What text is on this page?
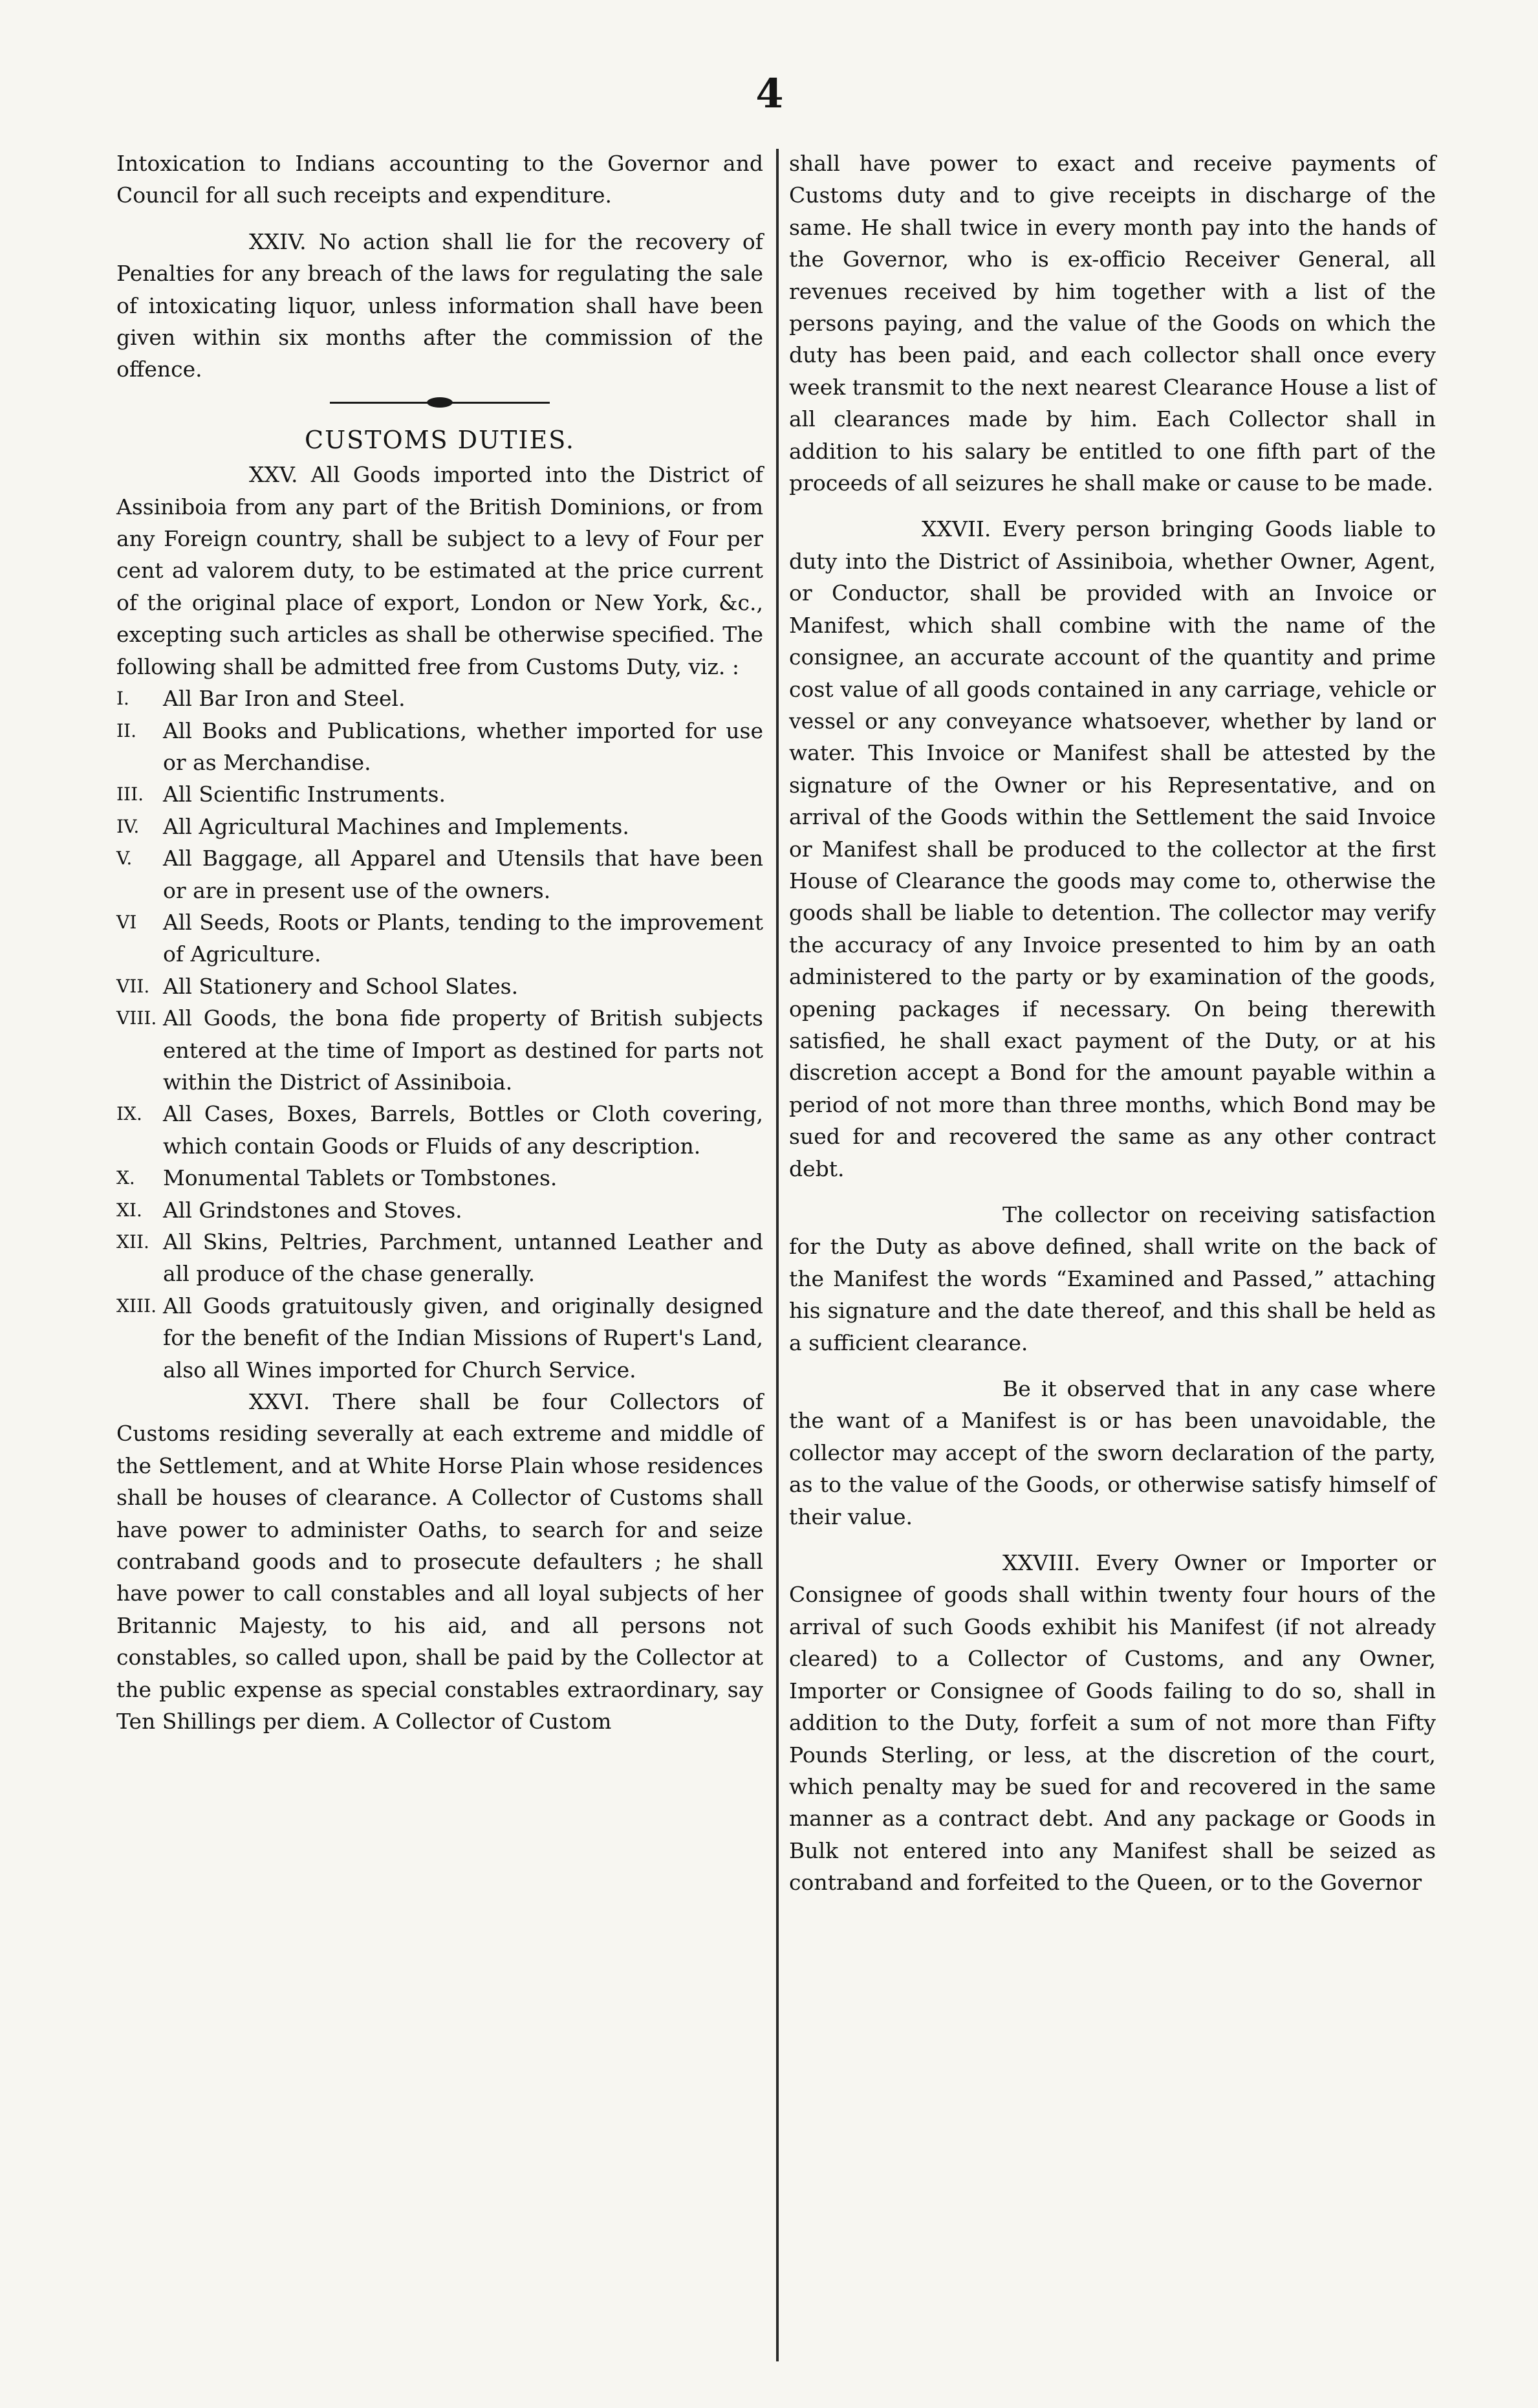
4

Intoxication to Indians accounting to the Governor and Council for all such receipts and expenditure.

XXIV. No action shall lie for the recovery of Penalties for any breach of the laws for regulating the sale of intoxicating liquor, unless information shall have been given within six months after the commission of the offence.

CUSTOMS DUTIES.

XXV. All Goods imported into the District of Assiniboia from any part of the British Dominions, or from any Foreign country, shall be subject to a levy of Four per cent ad valorem duty, to be estimated at the price current of the original place of export, London or New York, &c., excepting such articles as shall be otherwise specified. The following shall be admitted free from Customs Duty, viz. :

I.	All Bar Iron and Steel.
II.	All Books and Publications, whether imported for use or as Merchandise.
III. All Scientific Instruments.
IV.	All Agricultural Machines and Implements.
V.	All Baggage, all Apparel and Utensils that have been or are in present use of the owners.
VI	All Seeds, Roots or Plants, tending to the improvement of Agriculture.
VII. All Stationery and School Slates.
VIII. All Goods, the bona fide property of British subjects entered at the time of Import as destined for parts not within the District of Assiniboia.
IX. All Cases, Boxes, Barrels, Bottles or Cloth covering, which contain Goods or Fluids of any description.
X.	Monumental Tablets or Tombstones.
XI. All Grindstones and Stoves.
XII. All Skins, Peltries, Parchment, untanned Leather and all produce of the chase generally.
XIII. All Goods gratuitously given, and originally designed for the benefit of the Indian Missions of Rupert's Land, also all Wines imported for Church Service.

XXVI. There shall be four Collectors of Customs residing severally at each extreme and middle of the Settlement, and at White Horse Plain whose residences shall be houses of clearance. A Collector of Customs shall have power to administer Oaths, to search for and seize contraband goods and to prosecute defaulters ; he shall have power to call constables and all loyal subjects of her Britannic Majesty, to his aid, and all persons not constables, so called upon, shall be paid by the Collector at the public expense as special constables extraordinary, say Ten Shillings per diem. A Collector of Custom

shall have power to exact and receive payments of Customs duty and to give receipts in discharge of the same. He shall twice in every month pay into the hands of the Governor, who is ex-officio Receiver General, all revenues received by him together with a list of the persons paying, and the value of the Goods on which the duty has been paid, and each collector shall once every week transmit to the next nearest Clearance House a list of all clearances made by him. Each Collector shall in addition to his salary be entitled to one fifth part of the proceeds of all seizures he shall make or cause to be made.

XXVII. Every person bringing Goods liable to duty into the District of Assiniboia, whether Owner, Agent, or Conductor, shall be provided with an Invoice or Manifest, which shall combine with the name of the consignee, an accurate account of the quantity and prime cost value of all goods contained in any carriage, vehicle or vessel or any conveyance whatsoever, whether by land or water. This Invoice or Manifest shall be attested by the signature of the Owner or his Representative, and on arrival of the Goods within the Settlement the said Invoice or Manifest shall be produced to the collector at the first House of Clearance the goods may come to, otherwise the goods shall be liable to detention. The collector may verify the accuracy of any Invoice presented to him by an oath administered to the party or by examination of the goods, opening packages if necessary. On being therewith satisfied, he shall exact payment of the Duty, or at his discretion accept a Bond for the amount payable within a period of not more than three months, which Bond may be sued for and recovered the same as any other contract debt.

The collector on receiving satisfaction for the Duty as above defined, shall write on the back of the Manifest the words “Examined and Passed,” attaching his signature and the date thereof, and this shall be held as a sufficient clearance.

Be it observed that in any case where the want of a Manifest is or has been unavoidable, the collector may accept of the sworn declaration of the party, as to the value of the Goods, or otherwise satisfy himself of their value.

XXVIII. Every Owner or Importer or Consignee of goods shall within twenty four hours of the arrival of such Goods exhibit his Manifest (if not already cleared) to a Collector of Customs, and any Owner, Importer or Consignee of Goods failing to do so, shall in addition to the Duty, forfeit a sum of not more than Fifty Pounds Sterling, or less, at the discretion of the court, which penalty may be sued for and recovered in the same manner as a contract debt. And any package or Goods in Bulk not entered into any Manifest shall be seized as contraband and forfeited to the Queen, or to the Governor
